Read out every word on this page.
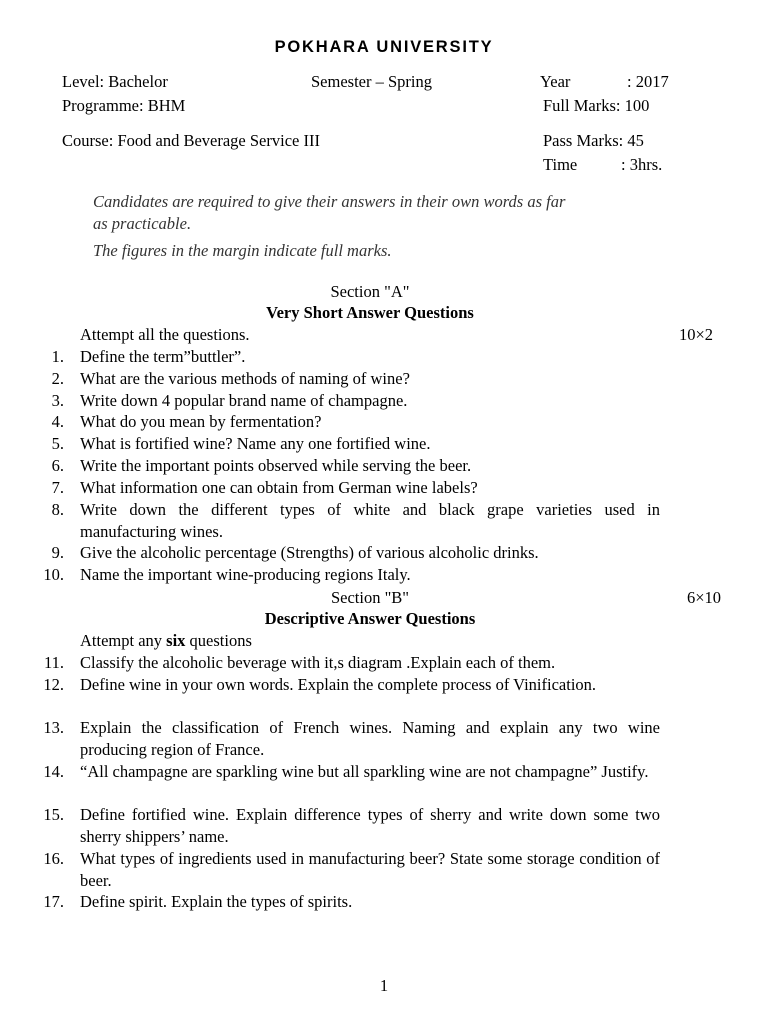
POKHARA UNIVERSITY
Level: Bachelor	Semester – Spring	Year	: 2017
Programme: BHM	Full Marks: 100
Course: Food and Beverage Service III	Pass Marks: 45
Time	: 3hrs.
Candidates are required to give their answers in their own words as far
as practicable.
The figures in the margin indicate full marks.
Section "A"
Very Short Answer Questions
Attempt all the questions.	10×2
1. Define the term”buttler”.
2. What are the various methods of naming of wine?
3. Write down 4 popular brand name of champagne.
4. What do you mean by fermentation?
5. What is fortified wine? Name any one fortified wine.
6. Write the important points observed while serving the beer.
7. What information one can obtain from German wine labels?
8. Write down the different types of white and black grape varieties used in manufacturing wines.
9. Give the alcoholic percentage (Strengths) of various alcoholic drinks.
10. Name the important wine-producing regions Italy.
Section "B"	6×10
Descriptive Answer Questions
Attempt any six questions
11. Classify the alcoholic beverage with it,s diagram .Explain each of them.
12. Define wine in your own words. Explain the complete process of Vinification.
13. Explain the classification of French wines. Naming and explain any two wine producing region of France.
14. “All champagne are sparkling wine but all sparkling wine are not champagne” Justify.
15. Define fortified wine. Explain difference types of sherry and write down some two sherry shippers’ name.
16. What types of ingredients used in manufacturing beer? State some storage condition of beer.
17. Define spirit. Explain the types of spirits.
1
